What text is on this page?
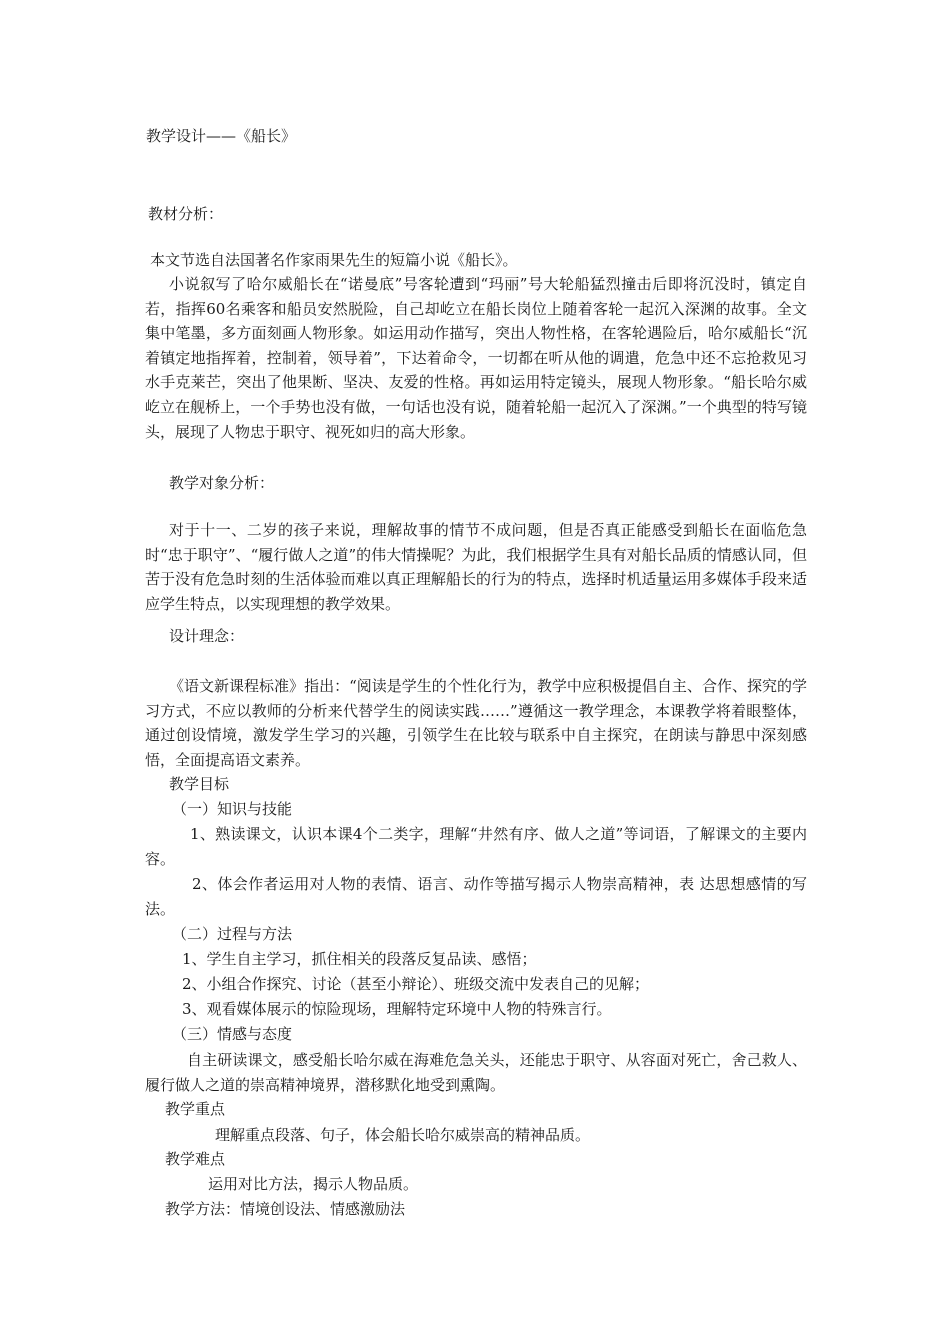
教学设计——《船长》
教材分析：
本文节选自法国著名作家雨果先生的短篇小说《船长》。
小说叙写了哈尔威船长在“诺曼底”号客轮遭到“玛丽”号大轮船猛烈撞击后即将沉没时，镇定自若，指挥60名乘客和船员安然脱险，自己却屹立在船长岗位上随着客轮一起沉入深渊的故事。全文集中笔墨，多方面刻画人物形象。如运用动作描写，突出人物性格，在客轮遇险后，哈尔威船长“沉着镇定地指挥着，控制着，领导着”，下达着命令，一切都在听从他的调遣，危急中还不忘抢救见习水手克莱芒，突出了他果断、坚决、友爱的性格。再如运用特定镜头，展现人物形象。“船长哈尔威屹立在舰桥上，一个手势也没有做，一句话也没有说，随着轮船一起沉入了深渊。”一个典型的特写镜头，展现了人物忠于职守、视死如归的高大形象。
教学对象分析：
对于十一、二岁的孩子来说，理解故事的情节不成问题，但是否真正能感受到船长在面临危急时“忠于职守”、“履行做人之道”的伟大情操呢？为此，我们根据学生具有对船长品质的情感认同，但苦于没有危急时刻的生活体验而难以真正理解船长的行为的特点，选择时机适量运用多媒体手段来适应学生特点，以实现理想的教学效果。
设计理念：
《语文新课程标准》指出：“阅读是学生的个性化行为，教学中应积极提倡自主、合作、探究的学习方式，不应以教师的分析来代替学生的阅读实践……”遵循这一教学理念，本课教学将着眼整体，通过创设情境，激发学生学习的兴趣，引领学生在比较与联系中自主探究，在朗读与静思中深刻感悟，全面提高语文素养。
教学目标
（一）知识与技能
1、熟读课文，认识本课4个二类字，理解“井然有序、做人之道”等词语，了解课文的主要内容。
2、体会作者运用对人物的表情、语言、动作等描写揭示人物崇高精神，表 达思想感情的写法。
（二）过程与方法
1、学生自主学习，抓住相关的段落反复品读、感悟；
2、小组合作探究、讨论（甚至小辩论）、班级交流中发表自己的见解；
3、观看媒体展示的惊险现场，理解特定环境中人物的特殊言行。
（三）情感与态度
自主研读课文，感受船长哈尔威在海难危急关头，还能忠于职守、从容面对死亡，舍己救人、履行做人之道的崇高精神境界，潜移默化地受到熏陶。
教学重点
理解重点段落、句子，体会船长哈尔威崇高的精神品质。
教学难点
运用对比方法，揭示人物品质。
教学方法：情境创设法、情感激励法
